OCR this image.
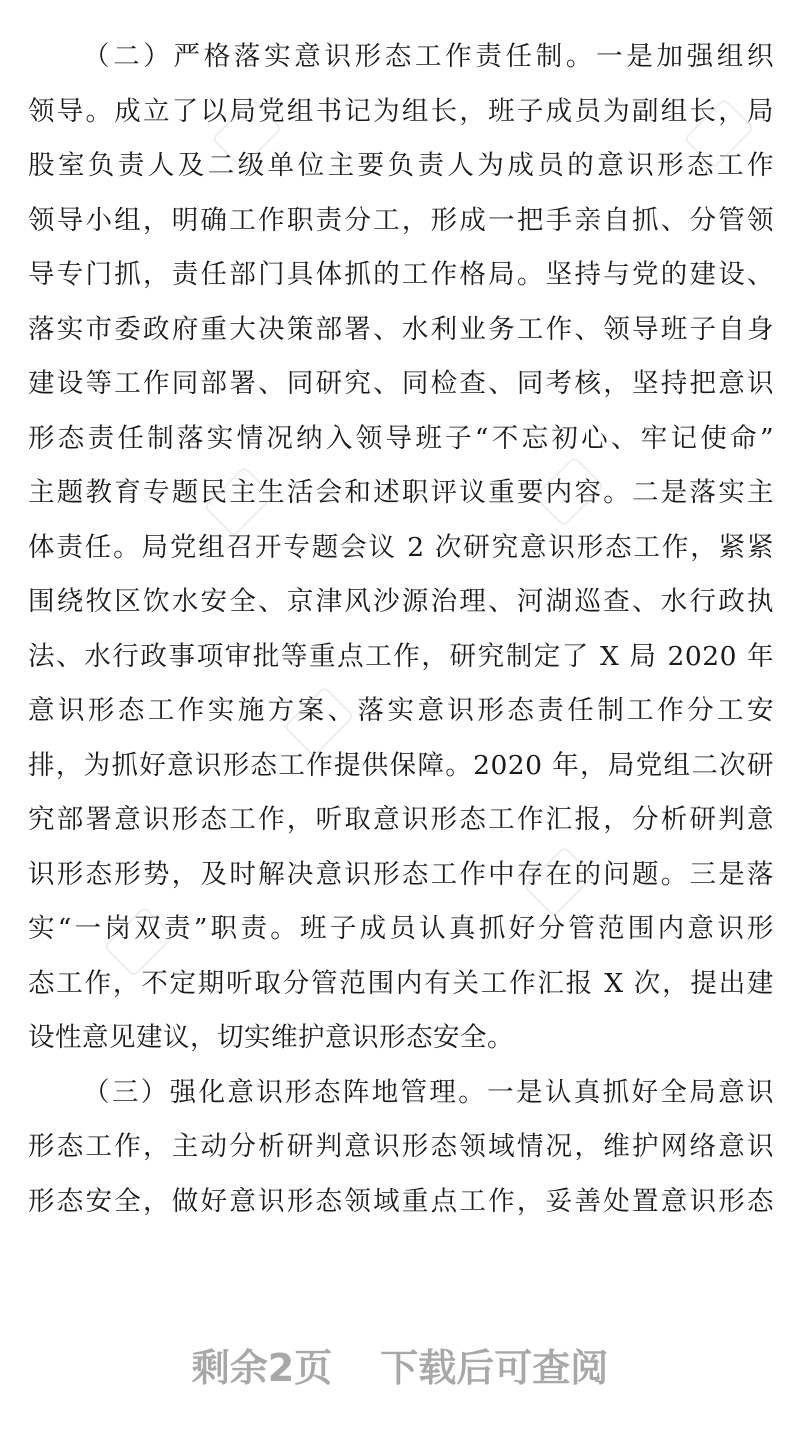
（二）严格落实意识形态工作责任制。一是加强组织
领导。成立了以局党组书记为组长，班子成员为副组长，局
股室负责人及二级单位主要负责人为成员的意识形态工作
领导小组，明确工作职责分工，形成一把手亲自抓、分管领
导专门抓，责任部门具体抓的工作格局。坚持与党的建设、
落实市委政府重大决策部署、水利业务工作、领导班子自身
建设等工作同部署、同研究、同检查、同考核，坚持把意识
形态责任制落实情况纳入领导班子“不忘初心、牢记使命”
主题教育专题民主生活会和述职评议重要内容。二是落实主
体责任。局党组召开专题会议 2 次研究意识形态工作，紧紧
围绕牧区饮水安全、京津风沙源治理、河湖巡查、水行政执
法、水行政事项审批等重点工作，研究制定了 X 局 2020 年
意识形态工作实施方案、落实意识形态责任制工作分工安
排，为抓好意识形态工作提供保障。2020 年，局党组二次研
究部署意识形态工作，听取意识形态工作汇报，分析研判意
识形态形势，及时解决意识形态工作中存在的问题。三是落
实“一岗双责”职责。班子成员认真抓好分管范围内意识形
态工作，不定期听取分管范围内有关工作汇报 X 次，提出建
设性意见建议，切实维护意识形态安全。
（三）强化意识形态阵地管理。一是认真抓好全局意识
形态工作，主动分析研判意识形态领域情况，维护网络意识
形态安全，做好意识形态领域重点工作，妥善处置意识形态

剩余2页 下载后可查阅
